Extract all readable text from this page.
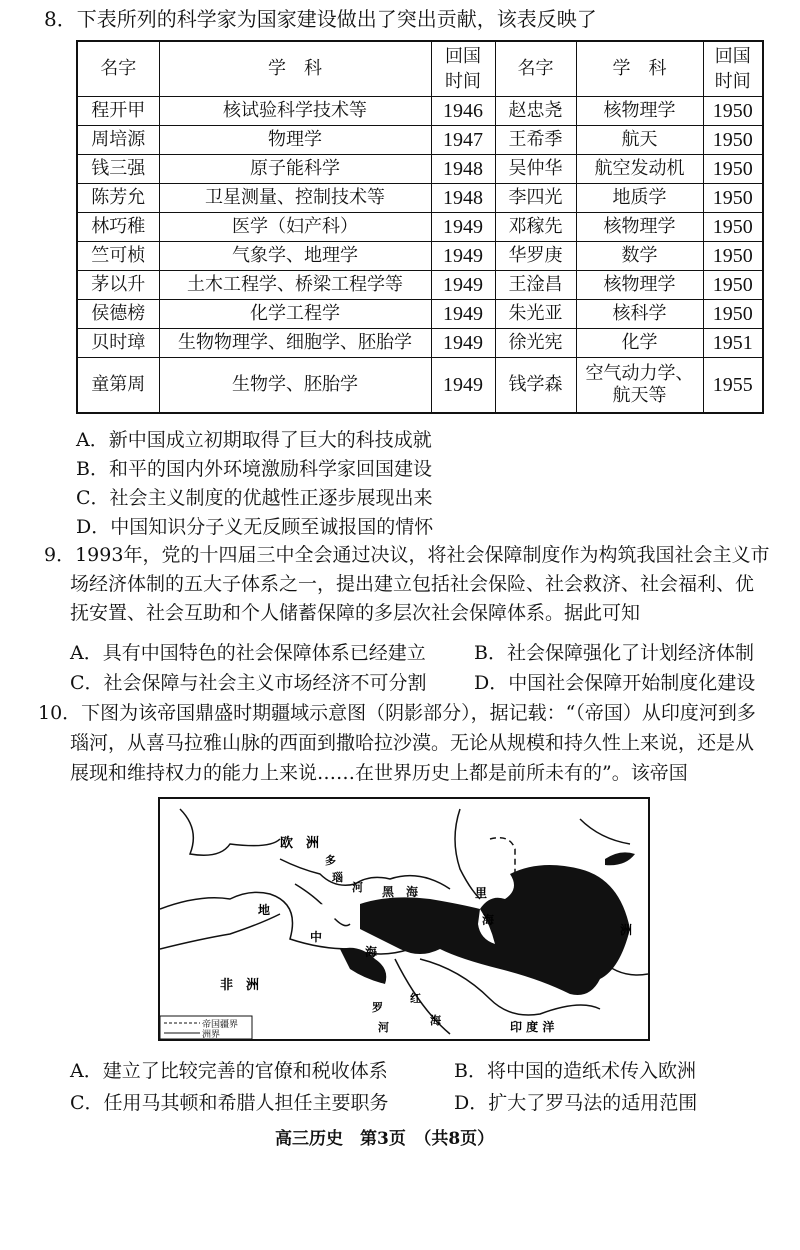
8．下表所列的科学家为国家建设做出了突出贡献，该表反映了
名字	学　科	回国时间	名字	学　科	回国时间
程开甲	核试验科学技术等	1946	赵忠尧	核物理学	1950
周培源	物理学	1947	王希季	航天	1950
钱三强	原子能科学	1948	吴仲华	航空发动机	1950
陈芳允	卫星测量、控制技术等	1948	李四光	地质学	1950
林巧稚	医学（妇产科）	1949	邓稼先	核物理学	1950
竺可桢	气象学、地理学	1949	华罗庚	数学	1950
茅以升	土木工程学、桥梁工程学等	1949	王淦昌	核物理学	1950
侯德榜	化学工程学	1949	朱光亚	核科学	1950
贝时璋	生物物理学、细胞学、胚胎学	1949	徐光宪	化学	1951
童第周	生物学、胚胎学	1949	钱学森	空气动力学、航天等	1955
A．新中国成立初期取得了巨大的科技成就
B．和平的国内外环境激励科学家回国建设
C．社会主义制度的优越性正逐步展现出来
D．中国知识分子义无反顾至诚报国的情怀
9．1993年，党的十四届三中全会通过决议，将社会保障制度作为构筑我国社会主义市
场经济体制的五大子体系之一，提出建立包括社会保险、社会救济、社会福利、优
抚安置、社会互助和个人储蓄保障的多层次社会保障体系。据此可知
A．具有中国特色的社会保障体系已经建立	B．社会保障强化了计划经济体制
C．社会保障与社会主义市场经济不可分割 D．中国社会保障开始制度化建设
10．下图为该帝国鼎盛时期疆域示意图（阴影部分），据记载：“（帝国）从印度河到多
瑙河，从喜马拉雅山脉的西面到撒哈拉沙漠。无论从规模和持久性上来说，还是从
展现和维持权力的能力上来说……在世界历史上都是前所未有的”。该帝国
欧　洲
多
瑙
河 黑　海	里
海
地
中
海
洲
非　洲
罗
河
红
海	印 度 洋
帝国疆界
洲界
A．建立了比较完善的官僚和税收体系	B．将中国的造纸术传入欧洲
C．任用马其顿和希腊人担任主要职务	D．扩大了罗马法的适用范围
高三历史　第3页　（共8页）
